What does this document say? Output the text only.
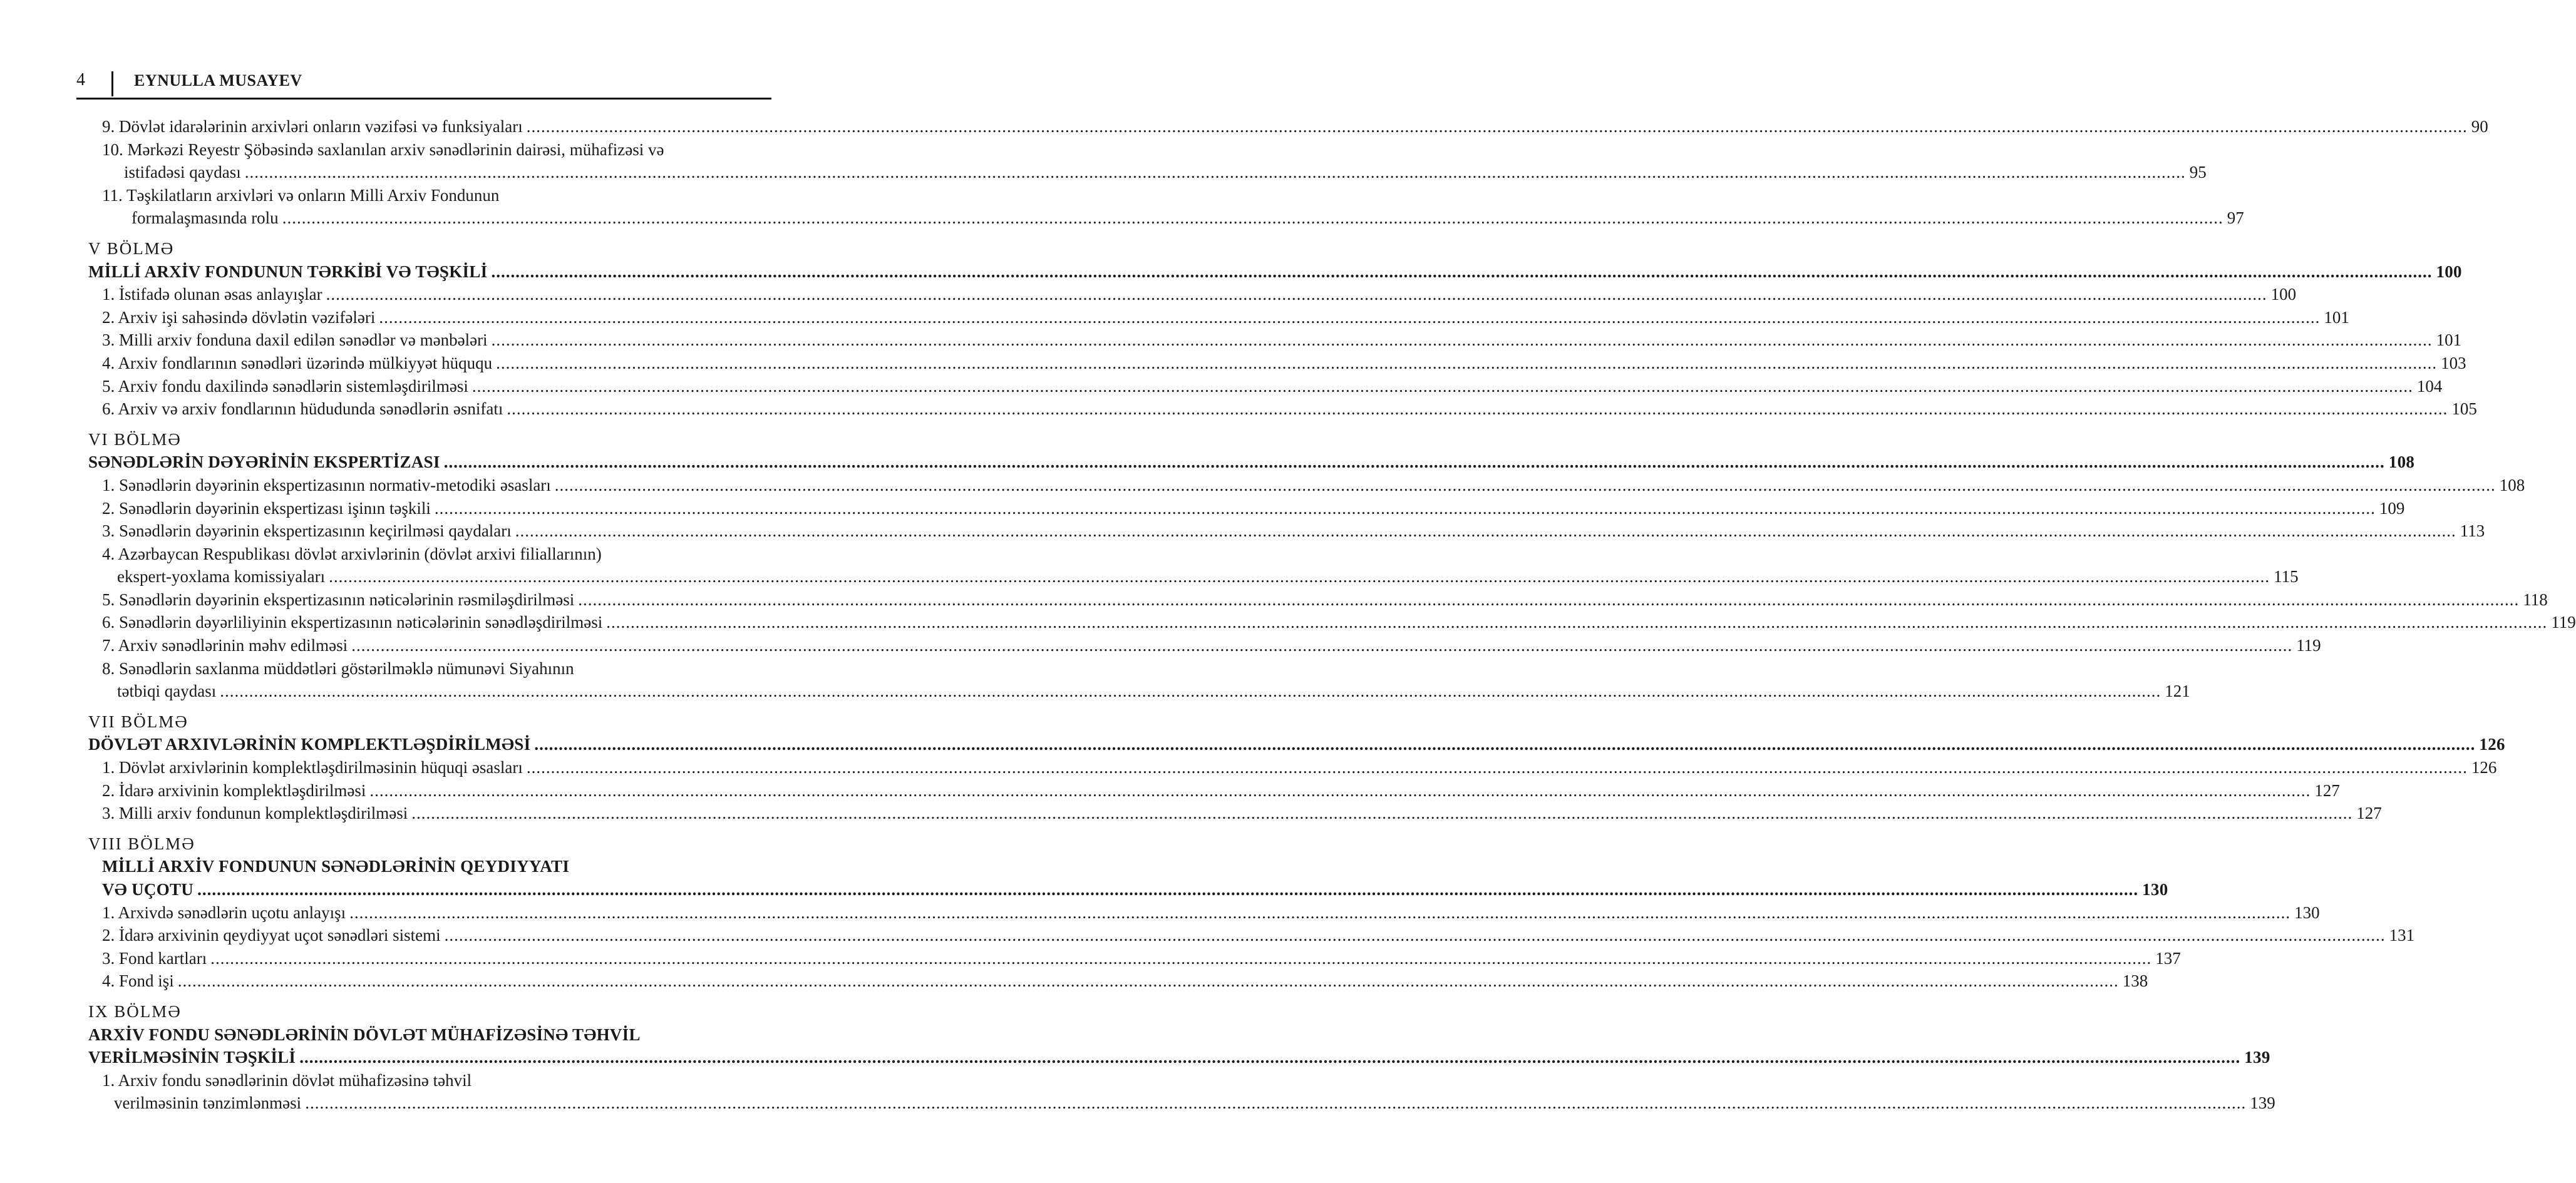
4	EYNULLA MUSAYEV
9. Dövlət idarələrinin arxivləri onların vəzifəsi və funksiyaları ................................................................................................................................................................................................................................................................................................................................................................................................................ 90
10. Mərkəzi Reyestr Şöbəsində saxlanılan arxiv sənədlərinin dairəsi, mühafizəsi və
istifadəsi qaydası ................................................................................................................................................................................................................................................................................................................................................................................................................ 95
11. Təşkilatların arxivləri və onların Milli Arxiv Fondunun
formalaşmasında rolu ................................................................................................................................................................................................................................................................................................................................................................................................................ 97
V BÖLMƏ
MİLLİ ARXİV FONDUNUN TƏRKİBİ VƏ TƏŞKİLİ ................................................................................................................................................................................................................................................................................................................................................................................................................ 100
1. İstifadə olunan əsas anlayışlar ................................................................................................................................................................................................................................................................................................................................................................................................................ 100
2. Arxiv işi sahəsində dövlətin vəzifələri ................................................................................................................................................................................................................................................................................................................................................................................................................ 101
3. Milli arxiv fonduna daxil edilən sənədlər və mənbələri ................................................................................................................................................................................................................................................................................................................................................................................................................ 101
4. Arxiv fondlarının sənədləri üzərində mülkiyyət hüququ ................................................................................................................................................................................................................................................................................................................................................................................................................ 103
5. Arxiv fondu daxilində sənədlərin sistemləşdirilməsi ................................................................................................................................................................................................................................................................................................................................................................................................................ 104
6. Arxiv və arxiv fondlarının hüdudunda sənədlərin əsnifatı ................................................................................................................................................................................................................................................................................................................................................................................................................ 105
VI BÖLMƏ
SƏNƏDLƏRİN DƏYƏRİNİN EKSPERTİZASI ................................................................................................................................................................................................................................................................................................................................................................................................................ 108
1. Sənədlərin dəyərinin ekspertizasının normativ-metodiki əsasları ................................................................................................................................................................................................................................................................................................................................................................................................................ 108
2. Sənədlərin dəyərinin ekspertizası işinın təşkili ................................................................................................................................................................................................................................................................................................................................................................................................................ 109
3. Sənədlərin dəyərinin ekspertizasının keçirilməsi qaydaları ................................................................................................................................................................................................................................................................................................................................................................................................................ 113
4. Azərbaycan Respublikası dövlət arxivlərinin (dövlət arxivi filiallarının)
ekspert-yoxlama komissiyaları ................................................................................................................................................................................................................................................................................................................................................................................................................ 115
5. Sənədlərin dəyərinin ekspertizasının nəticələrinin rəsmiləşdirilməsi ................................................................................................................................................................................................................................................................................................................................................................................................................ 118
6. Sənədlərin dəyərliliyinin ekspertizasının nəticələrinin sənədləşdirilməsi ................................................................................................................................................................................................................................................................................................................................................................................................................ 119
7. Arxiv sənədlərinin məhv edilməsi ................................................................................................................................................................................................................................................................................................................................................................................................................ 119
8. Sənədlərin saxlanma müddətləri göstərilməklə nümunəvi Siyahının
tətbiqi qaydası ................................................................................................................................................................................................................................................................................................................................................................................................................ 121
VII BÖLMƏ
DÖVLƏT ARXIVLƏRİNİN KOMPLEKTLƏŞDİRİLMƏSİ ................................................................................................................................................................................................................................................................................................................................................................................................................ 126
1. Dövlət arxivlərinin komplektləşdirilməsinin hüquqi əsasları ................................................................................................................................................................................................................................................................................................................................................................................................................ 126
2. İdarə arxivinin komplektləşdirilməsi ................................................................................................................................................................................................................................................................................................................................................................................................................ 127
3. Milli arxiv fondunun komplektləşdirilməsi ................................................................................................................................................................................................................................................................................................................................................................................................................ 127
VIII BÖLMƏ
MİLLİ ARXİV FONDUNUN SƏNƏDLƏRİNİN QEYDIYYATI
VƏ UÇOTU ................................................................................................................................................................................................................................................................................................................................................................................................................ 130
1. Arxivdə sənədlərin uçotu anlayışı ................................................................................................................................................................................................................................................................................................................................................................................................................ 130
2. İdarə arxivinin qeydiyyat uçot sənədləri sistemi ................................................................................................................................................................................................................................................................................................................................................................................................................ 131
3. Fond kartları ................................................................................................................................................................................................................................................................................................................................................................................................................ 137
4. Fond işi ................................................................................................................................................................................................................................................................................................................................................................................................................ 138
IX BÖLMƏ
ARXİV FONDU SƏNƏDLƏRİNİN DÖVLƏT MÜHAFİZƏSİNƏ TƏHVİL
VERİLMƏSİNİN TƏŞKİLİ ................................................................................................................................................................................................................................................................................................................................................................................................................ 139
1. Arxiv fondu sənədlərinin dövlət mühafizəsinə təhvil
verilməsinin tənzimlənməsi ................................................................................................................................................................................................................................................................................................................................................................................................................ 139
